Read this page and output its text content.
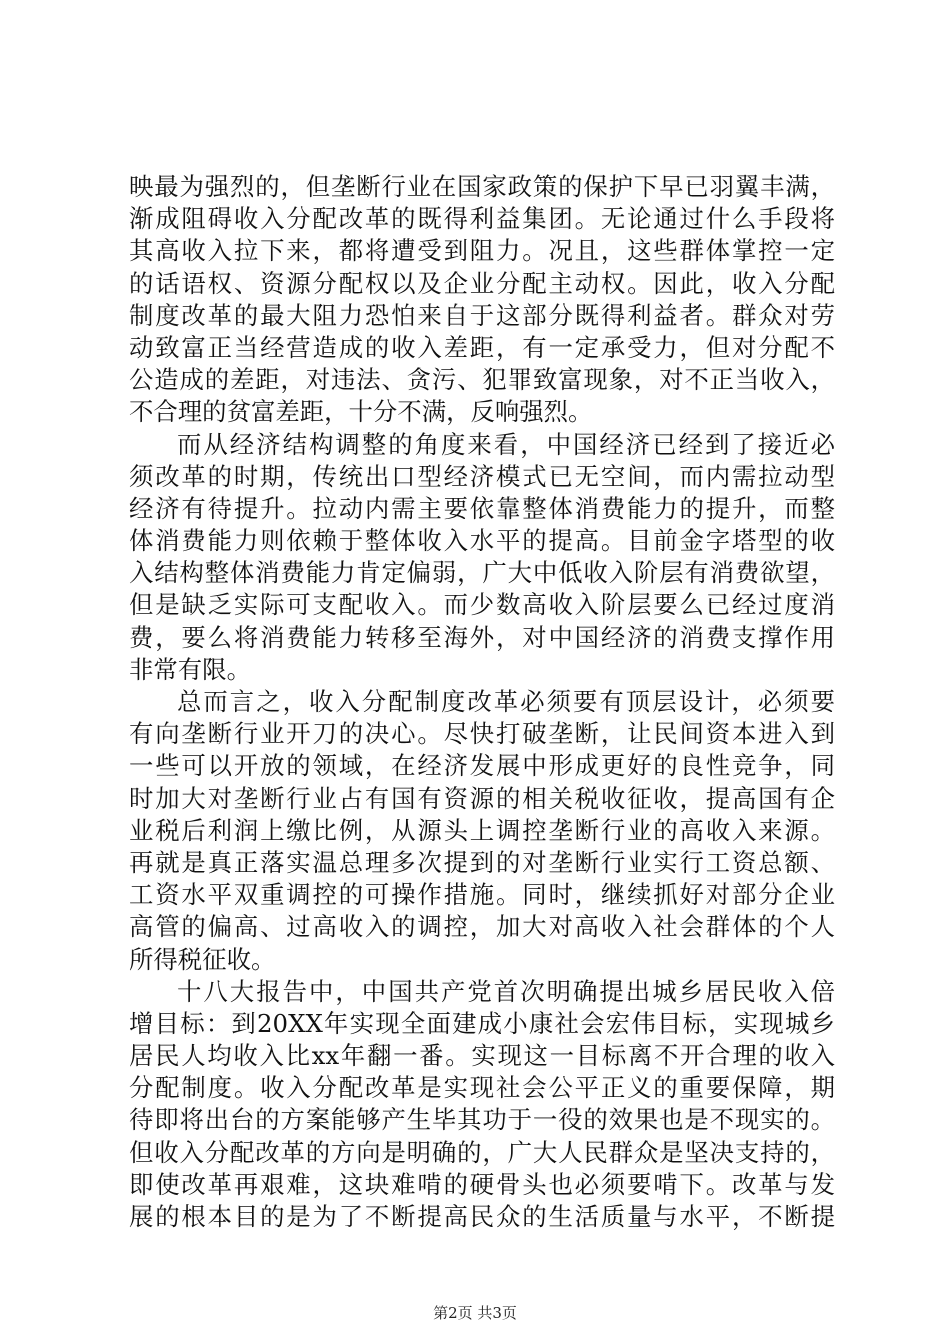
映最为强烈的，但垄断行业在国家政策的保护下早已羽翼丰满，
渐成阻碍收入分配改革的既得利益集团。无论通过什么手段将
其高收入拉下来，都将遭受到阻力。况且，这些群体掌控一定
的话语权、资源分配权以及企业分配主动权。因此，收入分配
制度改革的最大阻力恐怕来自于这部分既得利益者。群众对劳
动致富正当经营造成的收入差距，有一定承受力，但对分配不
公造成的差距，对违法、贪污、犯罪致富现象，对不正当收入，
不合理的贫富差距，十分不满，反响强烈。
而从经济结构调整的角度来看，中国经济已经到了接近必
须改革的时期，传统出口型经济模式已无空间，而内需拉动型
经济有待提升。拉动内需主要依靠整体消费能力的提升，而整
体消费能力则依赖于整体收入水平的提高。目前金字塔型的收
入结构整体消费能力肯定偏弱，广大中低收入阶层有消费欲望，
但是缺乏实际可支配收入。而少数高收入阶层要么已经过度消
费，要么将消费能力转移至海外，对中国经济的消费支撑作用
非常有限。
总而言之，收入分配制度改革必须要有顶层设计，必须要
有向垄断行业开刀的决心。尽快打破垄断，让民间资本进入到
一些可以开放的领域，在经济发展中形成更好的良性竞争，同
时加大对垄断行业占有国有资源的相关税收征收，提高国有企
业税后利润上缴比例，从源头上调控垄断行业的高收入来源。
再就是真正落实温总理多次提到的对垄断行业实行工资总额、
工资水平双重调控的可操作措施。同时，继续抓好对部分企业
高管的偏高、过高收入的调控，加大对高收入社会群体的个人
所得税征收。
十八大报告中，中国共产党首次明确提出城乡居民收入倍
增目标：到20XX年实现全面建成小康社会宏伟目标，实现城乡
居民人均收入比xx年翻一番。实现这一目标离不开合理的收入
分配制度。收入分配改革是实现社会公平正义的重要保障，期
待即将出台的方案能够产生毕其功于一役的效果也是不现实的。
但收入分配改革的方向是明确的，广大人民群众是坚决支持的，
即使改革再艰难，这块难啃的硬骨头也必须要啃下。改革与发
展的根本目的是为了不断提高民众的生活质量与水平，不断提
第2页 共3页
